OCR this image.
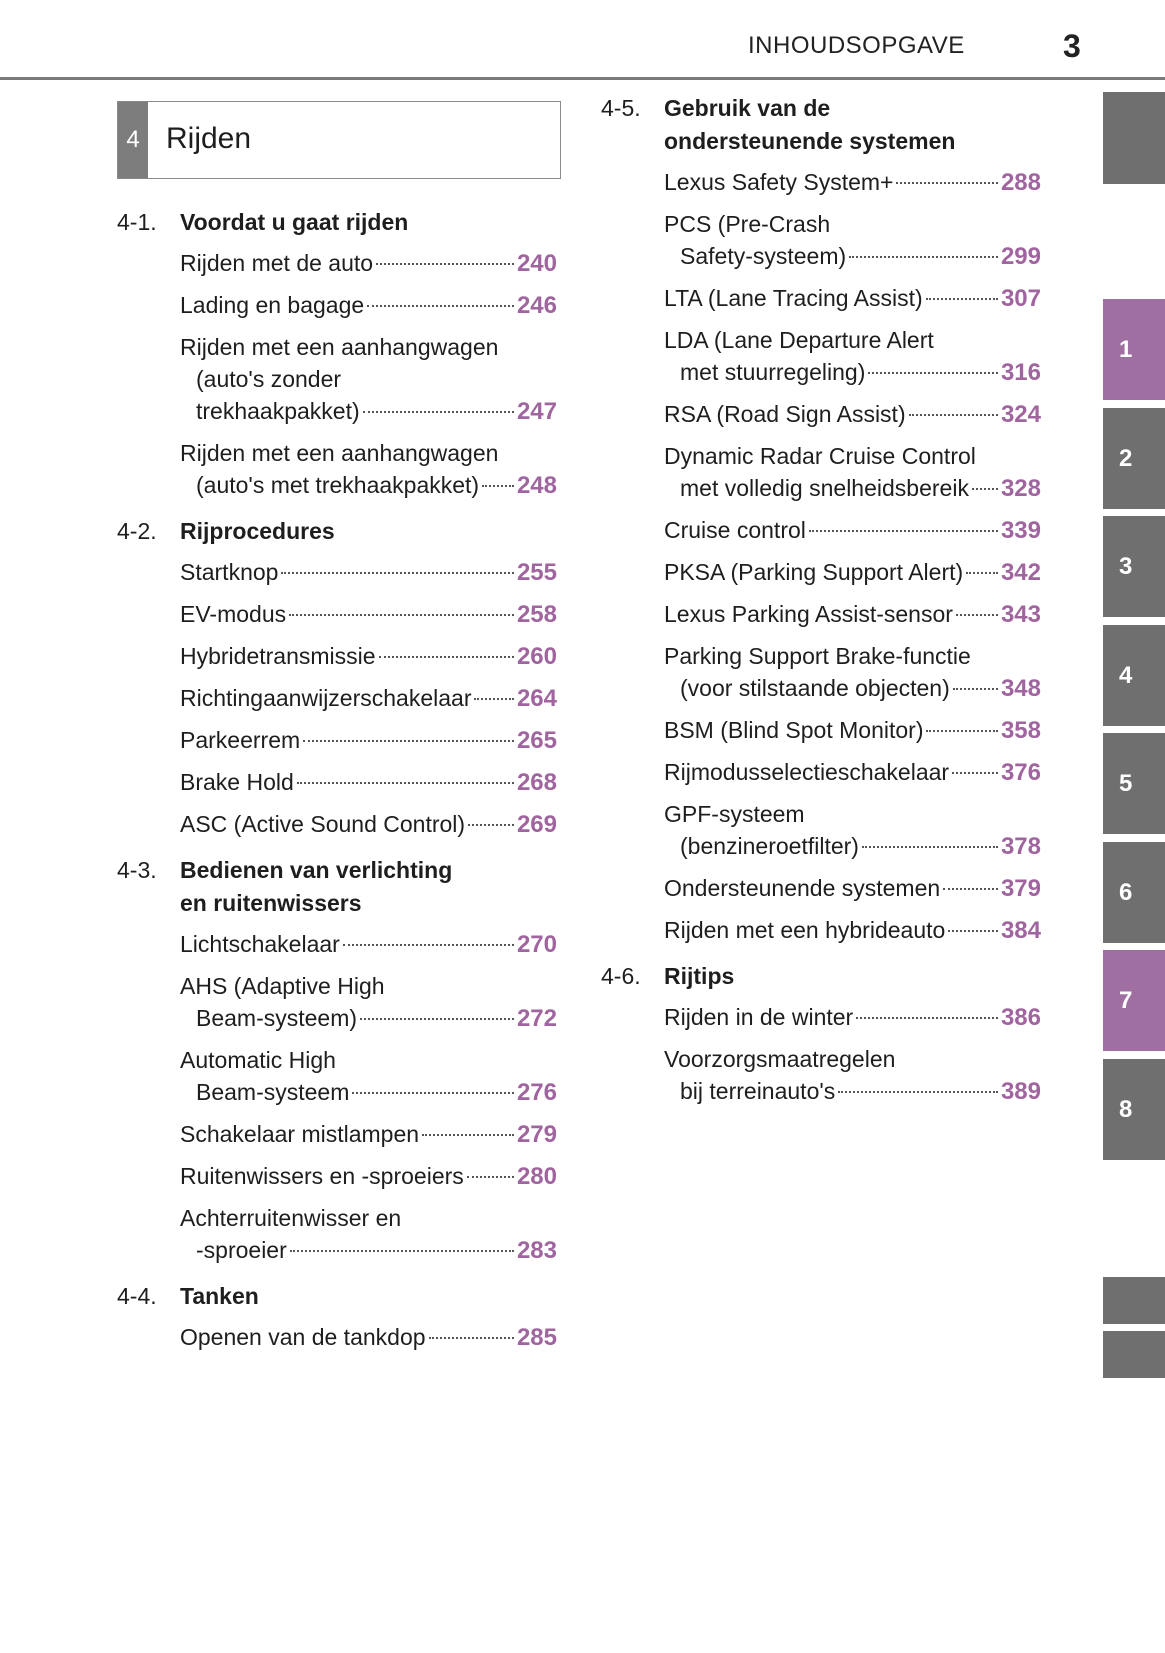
INHOUDSOPGAVE	3
4 Rijden
4-1.	Voordat u gaat rijden
Rijden met de auto	240
Lading en bagage	246
Rijden met een aanhangwagen
(auto's zonder
trekhaakpakket)	247
Rijden met een aanhangwagen
(auto's met trekhaakpakket) 248
4-2.	Rijprocedures
Startknop	255
EV-modus	258
Hybridetransmissie	260
Richtingaanwijzerschakelaar 264
Parkeerrem	265
Brake Hold	268
ASC (Active Sound Control) 269
4-3.	Bedienen van verlichting
en ruitenwissers
Lichtschakelaar	270
AHS (Adaptive High
Beam-systeem)	272
Automatic High
Beam-systeem	276
Schakelaar mistlampen	279
Ruitenwissers en -sproeiers 280
Achterruitenwisser en
-sproeier	283
4-4.	Tanken
Openen van de tankdop	285
4-5.	Gebruik van de
ondersteunende systemen
Lexus Safety System+	288
PCS (Pre-Crash
Safety-systeem)	299
LTA (Lane Tracing Assist)	307
LDA (Lane Departure Alert
met stuurregeling)	316
RSA (Road Sign Assist)	324
Dynamic Radar Cruise Control
met volledig snelheidsbereik 328
Cruise control	339
PKSA (Parking Support Alert) 342
Lexus Parking Assist-sensor 343
Parking Support Brake-functie
(voor stilstaande objecten) 348
BSM (Blind Spot Monitor)	358
Rijmodusselectieschakelaar 376
GPF-systeem
(benzineroetfilter)	378
Ondersteunende systemen	379
Rijden met een hybrideauto 384
4-6.	Rijtips
Rijden in de winter	386
Voorzorgsmaatregelen
bij terreinauto's	389
1
2
3
4
5
6
7
8
